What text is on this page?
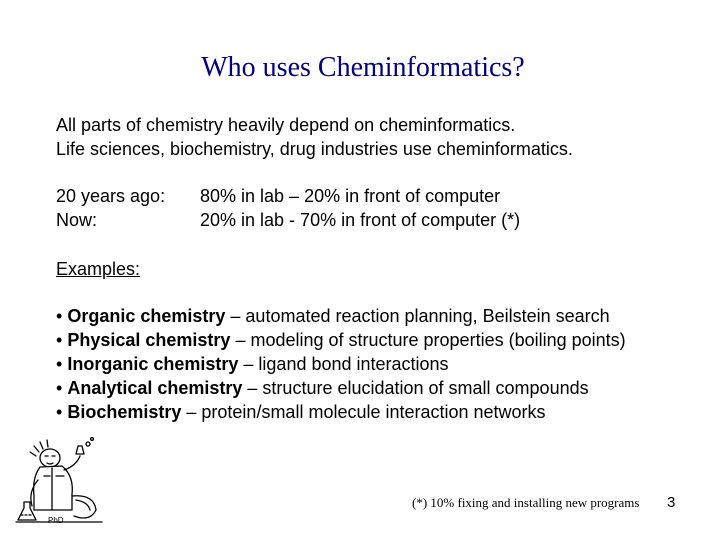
Who uses Cheminformatics?
All parts of chemistry heavily depend on cheminformatics.
Life sciences, biochemistry, drug industries use cheminformatics.
20 years ago:	80% in lab – 20% in front of computer
Now:	20% in lab - 70% in front of computer (*)
Examples:
• Organic chemistry – automated reaction planning, Beilstein search
• Physical chemistry – modeling of structure properties (boiling points)
• Inorganic chemistry – ligand bond interactions
• Analytical chemistry – structure elucidation of small compounds
• Biochemistry – protein/small molecule interaction networks
PhD
(*) 10% fixing and installing new programs 3
